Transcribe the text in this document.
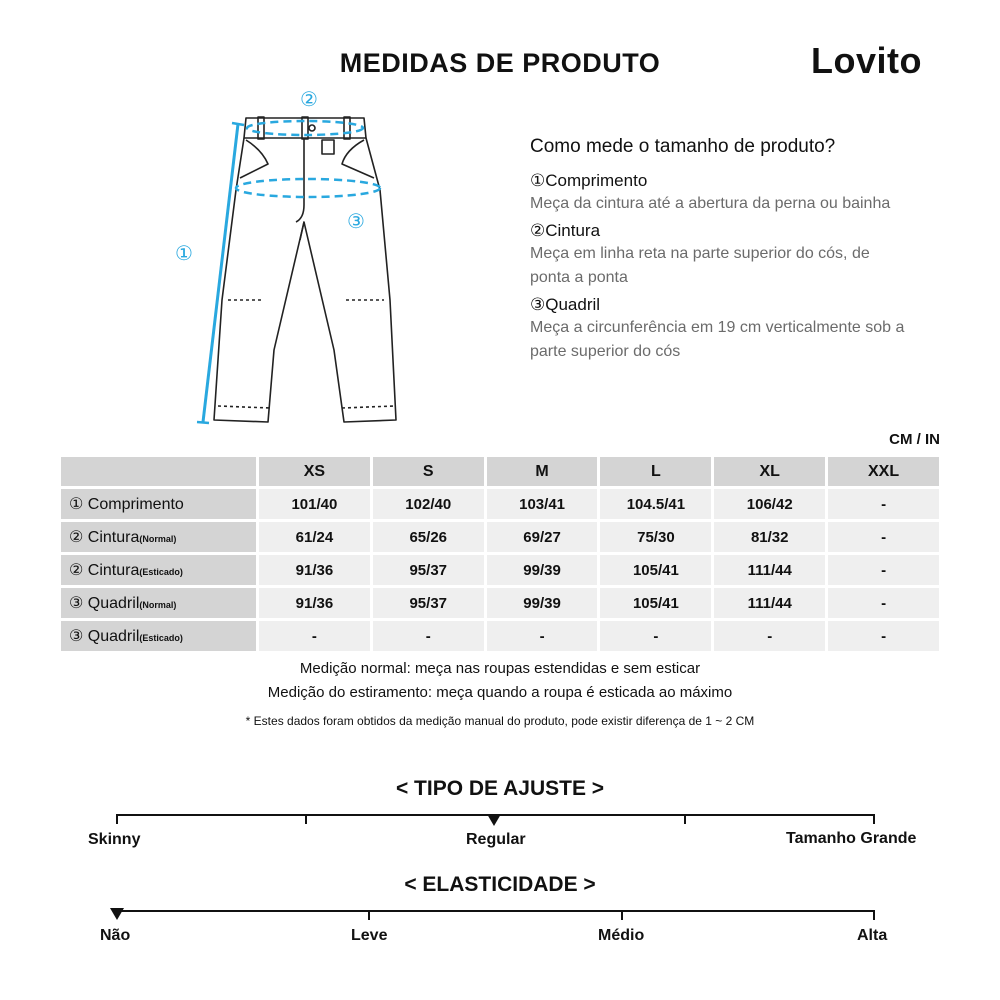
MEDIDAS DE PRODUTO	Lovito
①
②
③
Como mede o tamanho de produto?
①Comprimento
Meça da cintura até a abertura da perna ou bainha
②Cintura
Meça em linha reta na parte superior do cós, de ponta a ponta
③Quadril
Meça a circunferência em 19 cm verticalmente sob a parte superior do cós
CM / IN
	XS	S	M	L	XL	XXL
① Comprimento	101/40	102/40	103/41	104.5/41	106/42	-
② Cintura(Normal)	61/24	65/26	69/27	75/30	81/32	-
② Cintura(Esticado)	91/36	95/37	99/39	105/41	111/44	-
③ Quadril(Normal)	91/36	95/37	99/39	105/41	111/44	-
③ Quadril(Esticado)	-	-	-	-	-	-
Medição normal: meça nas roupas estendidas e sem esticar
Medição do estiramento: meça quando a roupa é esticada ao máximo
* Estes dados foram obtidos da medição manual do produto, pode existir diferença de 1 ~ 2 CM
< TIPO DE AJUSTE >
Skinny	Regular	Tamanho Grande
< ELASTICIDADE >
Não	Leve	Médio	Alta
